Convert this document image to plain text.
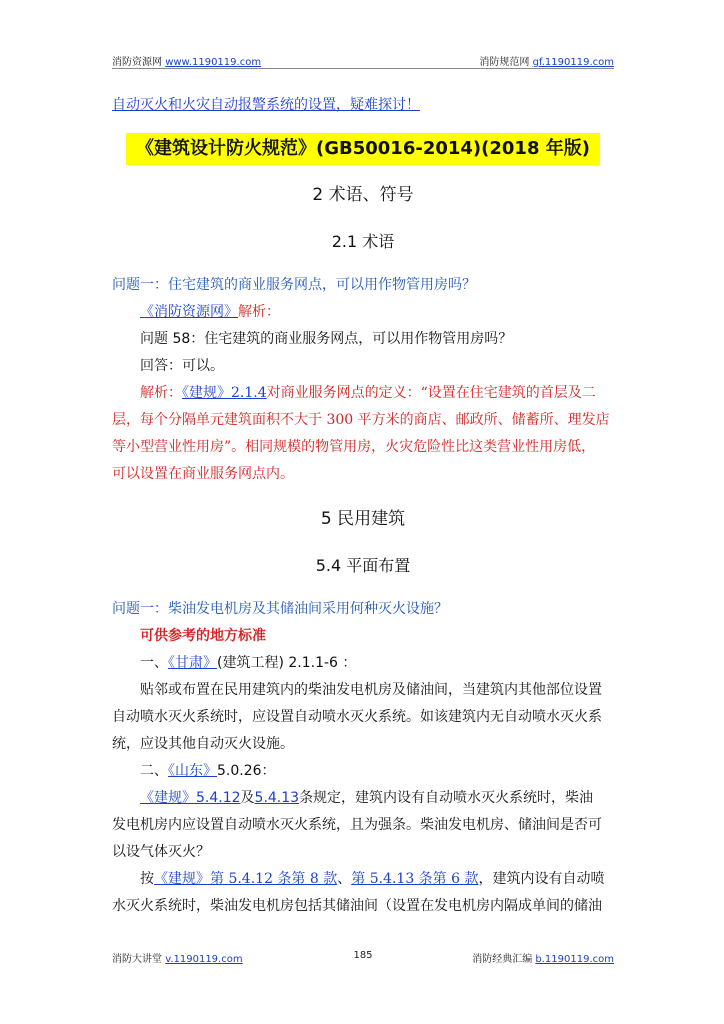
消防资源网 www.1190119.com	消防规范网 gf.1190119.com
自动灭火和火灾自动报警系统的设置，疑难探讨！
《建筑设计防火规范》(GB50016-2014)(2018 年版)
2 术语、符号
2.1 术语
问题一：住宅建筑的商业服务网点，可以用作物管用房吗？
《消防资源网》解析：
问题 58：住宅建筑的商业服务网点，可以用作物管用房吗？
回答：可以。
解析：《建规》2.1.4对商业服务网点的定义：“设置在住宅建筑的首层及二
层，每个分隔单元建筑面积不大于 300 平方米的商店、邮政所、储蓄所、理发店
等小型营业性用房”。相同规模的物管用房，火灾危险性比这类营业性用房低，
可以设置在商业服务网点内。
5 民用建筑
5.4 平面布置
问题一：柴油发电机房及其储油间采用何种灭火设施？
可供参考的地方标准
一、《甘肃》(建筑工程) 2.1.1-6 ：
贴邻或布置在民用建筑内的柴油发电机房及储油间，当建筑内其他部位设置
自动喷水灭火系统时，应设置自动喷水灭火系统。如该建筑内无自动喷水灭火系
统，应设其他自动灭火设施。
二、《山东》5.0.26：
《建规》5.4.12及5.4.13条规定，建筑内设有自动喷水灭火系统时，柴油
发电机房内应设置自动喷水灭火系统，且为强条。柴油发电机房、储油间是否可
以设气体灭火？
按《建规》第 5.4.12 条第 8 款、第 5.4.13 条第 6 款，建筑内设有自动喷
水灭火系统时，柴油发电机房包括其储油间（设置在发电机房内隔成单间的储油
消防大讲堂 v.1190119.com	185	消防经典汇编 b.1190119.com
